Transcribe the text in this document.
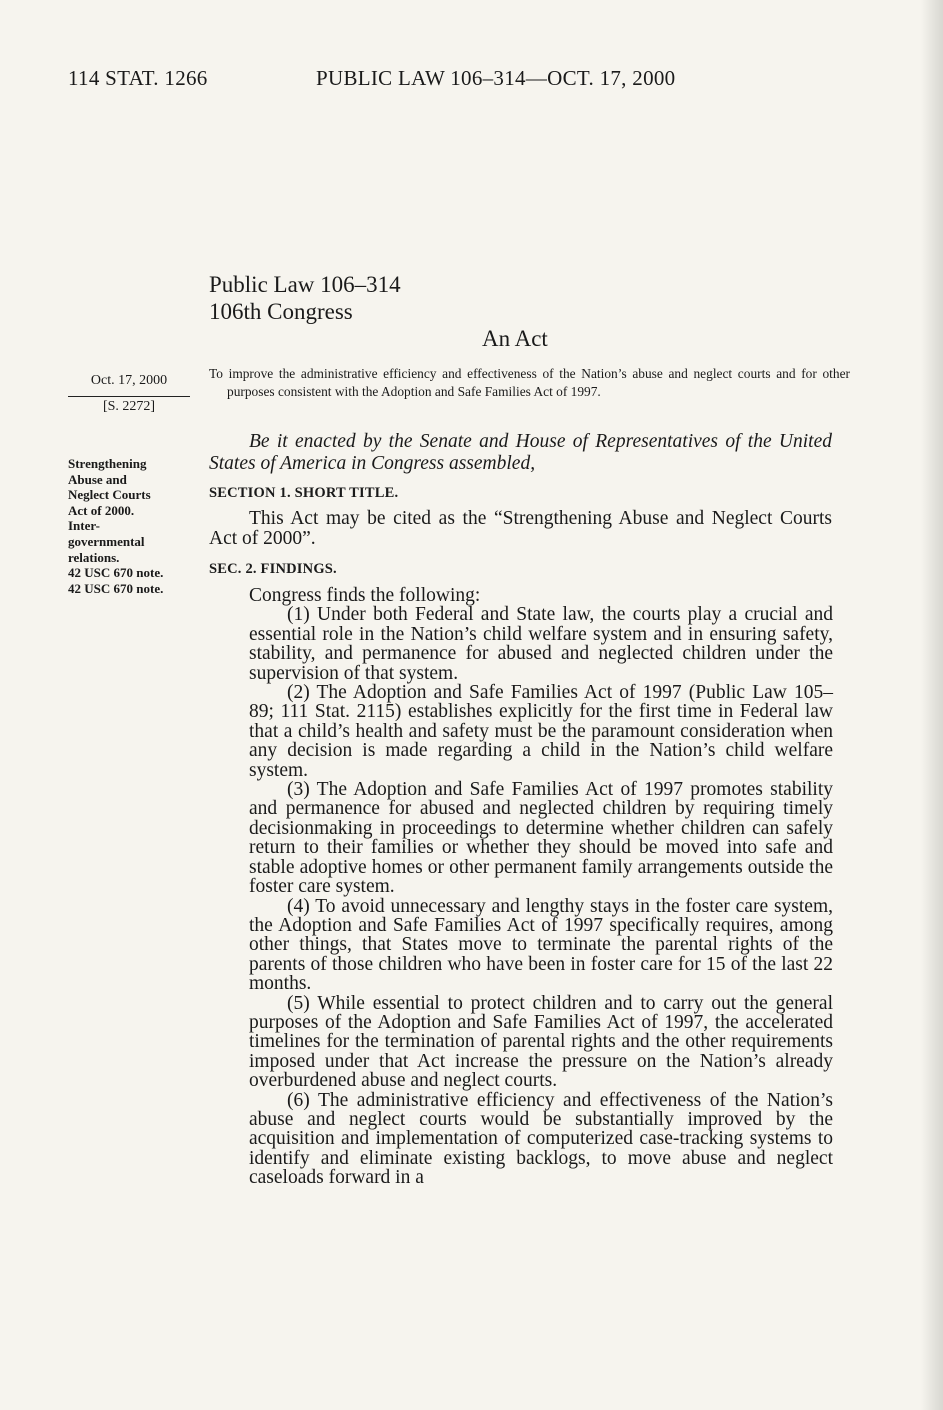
114 STAT. 1266	PUBLIC LAW 106–314—OCT. 17, 2000
Public Law 106–314
106th Congress
An Act
Oct. 17, 2000
[S. 2272]
Strengthening
Abuse and
Neglect Courts
Act of 2000.
Inter-
governmental
relations.
42 USC 670 note.
42 USC 670 note.

To improve the administrative efficiency and effectiveness of the Nation’s abuse and neglect courts and for other purposes consistent with the Adoption and Safe Families Act of 1997.

Be it enacted by the Senate and House of Representatives of the United States of America in Congress assembled,

SECTION 1. SHORT TITLE.

This Act may be cited as the “Strengthening Abuse and Neglect Courts Act of 2000”.

SEC. 2. FINDINGS.

Congress finds the following:

(1) Under both Federal and State law, the courts play a crucial and essential role in the Nation’s child welfare system and in ensuring safety, stability, and permanence for abused and neglected children under the supervision of that system.

(2) The Adoption and Safe Families Act of 1997 (Public Law 105–89; 111 Stat. 2115) establishes explicitly for the first time in Federal law that a child’s health and safety must be the paramount consideration when any decision is made regarding a child in the Nation’s child welfare system.

(3) The Adoption and Safe Families Act of 1997 promotes stability and permanence for abused and neglected children by requiring timely decisionmaking in proceedings to determine whether children can safely return to their families or whether they should be moved into safe and stable adoptive homes or other permanent family arrangements outside the foster care system.

(4) To avoid unnecessary and lengthy stays in the foster care system, the Adoption and Safe Families Act of 1997 specifically requires, among other things, that States move to terminate the parental rights of the parents of those children who have been in foster care for 15 of the last 22 months.

(5) While essential to protect children and to carry out the general purposes of the Adoption and Safe Families Act of 1997, the accelerated timelines for the termination of parental rights and the other requirements imposed under that Act increase the pressure on the Nation’s already overburdened abuse and neglect courts.

(6) The administrative efficiency and effectiveness of the Nation’s abuse and neglect courts would be substantially improved by the acquisition and implementation of computerized case-tracking systems to identify and eliminate existing backlogs, to move abuse and neglect caseloads forward in a
